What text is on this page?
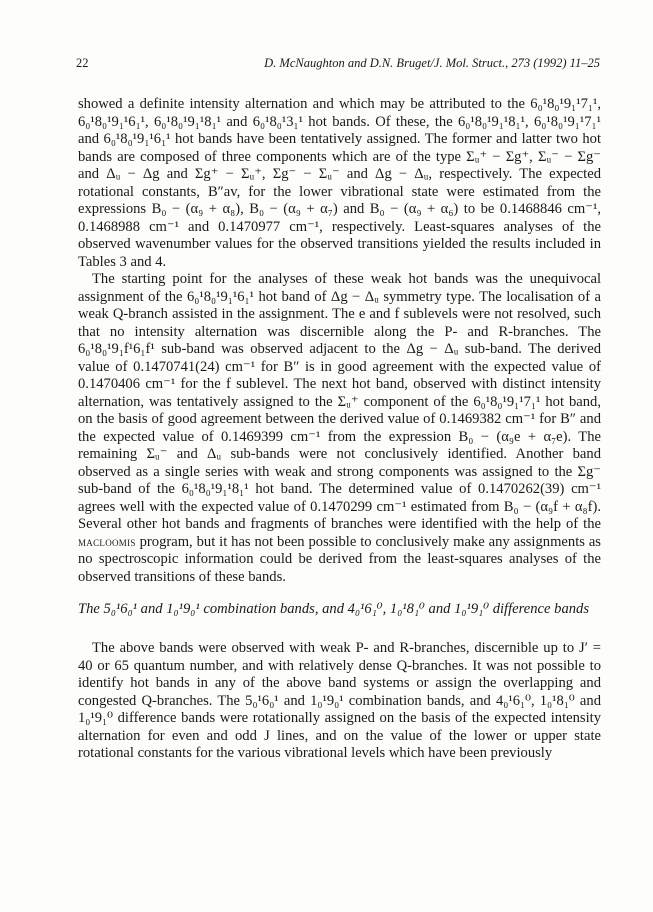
22	D. McNaughton and D.N. Bruget/J. Mol. Struct., 273 (1992) 11–25

showed a definite intensity alternation and which may be attributed to the 6₀¹8₀¹9₁¹7₁¹, 6₀¹8₀¹9₁¹6₁¹, 6₀¹8₀¹9₁¹8₁¹ and 6₀¹8₀¹3₁¹ hot bands. Of these, the 6₀¹8₀¹9₁¹8₁¹, 6₀¹8₀¹9₁¹7₁¹ and 6₀¹8₀¹9₁¹6₁¹ hot bands have been tentatively assigned. The former and latter two hot bands are composed of three components which are of the type Σᵤ⁺ − Σg⁺, Σᵤ⁻ − Σg⁻ and Δᵤ − Δg and Σg⁺ − Σᵤ⁺, Σg⁻ − Σᵤ⁻ and Δg − Δᵤ, respectively. The expected rotational constants, B″av, for the lower vibrational state were estimated from the expressions B₀ − (α₉ + α₈), B₀ − (α₉ + α₇) and B₀ − (α₉ + α₆) to be 0.1468846 cm⁻¹, 0.1468988 cm⁻¹ and 0.1470977 cm⁻¹, respectively. Least-squares analyses of the observed wavenumber values for the observed transitions yielded the results included in Tables 3 and 4.

The starting point for the analyses of these weak hot bands was the unequivocal assignment of the 6₀¹8₀¹9₁¹6₁¹ hot band of Δg − Δᵤ symmetry type. The localisation of a weak Q-branch assisted in the assignment. The e and f sublevels were not resolved, such that no intensity alternation was discernible along the P- and R-branches. The 6₀¹8₀¹9₁f¹6₁f¹ sub-band was observed adjacent to the Δg − Δᵤ sub-band. The derived value of 0.1470741(24) cm⁻¹ for B″ is in good agreement with the expected value of 0.1470406 cm⁻¹ for the f sublevel. The next hot band, observed with distinct intensity alternation, was tentatively assigned to the Σᵤ⁺ component of the 6₀¹8₀¹9₁¹7₁¹ hot band, on the basis of good agreement between the derived value of 0.1469382 cm⁻¹ for B″ and the expected value of 0.1469399 cm⁻¹ from the expression B₀ − (α₉e + α₇e). The remaining Σᵤ⁻ and Δᵤ sub-bands were not conclusively identified. Another band observed as a single series with weak and strong components was assigned to the Σg⁻ sub-band of the 6₀¹8₀¹9₁¹8₁¹ hot band. The determined value of 0.1470262(39) cm⁻¹ agrees well with the expected value of 0.1470299 cm⁻¹ estimated from B₀ − (α₉f + α₈f). Several other hot bands and fragments of branches were identified with the help of the macloomis program, but it has not been possible to conclusively make any assignments as no spectroscopic information could be derived from the least-squares analyses of the observed transitions of these bands.

The 5₀¹6₀¹ and 1₀¹9₀¹ combination bands, and 4₀¹6₁⁰, 1₀¹8₁⁰ and 1₀¹9₁⁰ difference bands

The above bands were observed with weak P- and R-branches, discernible up to J′ = 40 or 65 quantum number, and with relatively dense Q-branches. It was not possible to identify hot bands in any of the above band systems or assign the overlapping and congested Q-branches. The 5₀¹6₀¹ and 1₀¹9₀¹ combination bands, and 4₀¹6₁⁰, 1₀¹8₁⁰ and 1₀¹9₁⁰ difference bands were rotationally assigned on the basis of the expected intensity alternation for even and odd J lines, and on the value of the lower or upper state rotational constants for the various vibrational levels which have been previously
